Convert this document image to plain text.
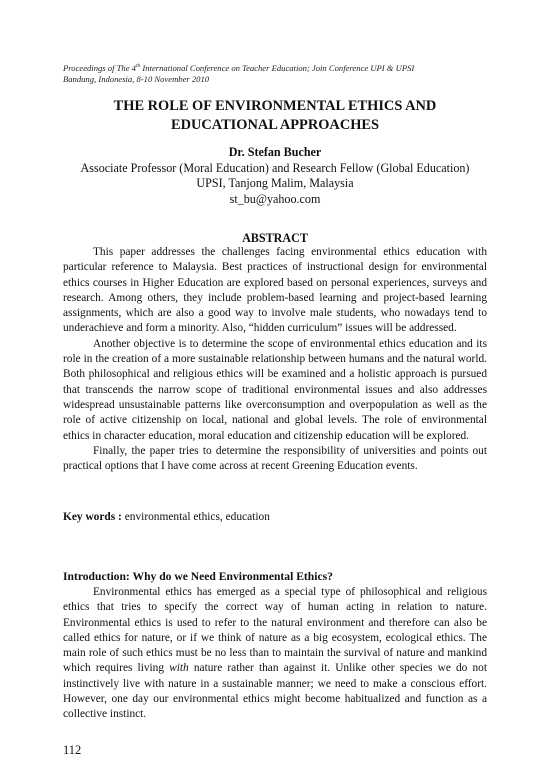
Proceedings of The 4th International Conference on Teacher Education; Join Conference UPI & UPSI
Bandung, Indonesia, 8-10 November 2010
THE ROLE OF ENVIRONMENTAL ETHICS AND
EDUCATIONAL APPROACHES
Dr. Stefan Bucher
Associate Professor (Moral Education) and Research Fellow (Global Education)
UPSI, Tanjong Malim, Malaysia
st_bu@yahoo.com
ABSTRACT

This paper addresses the challenges facing environmental ethics education with particular reference to Malaysia. Best practices of instructional design for environmental ethics courses in Higher Education are explored based on personal experiences, surveys and research. Among others, they include problem-based learning and project-based learning assignments, which are also a good way to involve male students, who nowadays tend to underachieve and form a minority. Also, “hidden curriculum” issues will be addressed.

Another objective is to determine the scope of environmental ethics education and its role in the creation of a more sustainable relationship between humans and the natural world. Both philosophical and religious ethics will be examined and a holistic approach is pursued that transcends the narrow scope of traditional environmental issues and also addresses widespread unsustainable patterns like overconsumption and overpopulation as well as the role of active citizenship on local, national and global levels. The role of environmental ethics in character education, moral education and citizenship education will be explored.

Finally, the paper tries to determine the responsibility of universities and points out practical options that I have come across at recent Greening Education events.

Key words : environmental ethics, education
Introduction: Why do we Need Environmental Ethics?

Environmental ethics has emerged as a special type of philosophical and religious ethics that tries to specify the correct way of human acting in relation to nature. Environmental ethics is used to refer to the natural environment and therefore can also be called ethics for nature, or if we think of nature as a big ecosystem, ecological ethics. The main role of such ethics must be no less than to maintain the survival of nature and mankind which requires living with nature rather than against it. Unlike other species we do not instinctively live with nature in a sustainable manner; we need to make a conscious effort. However, one day our environmental ethics might become habitualized and function as a collective instinct.

112
